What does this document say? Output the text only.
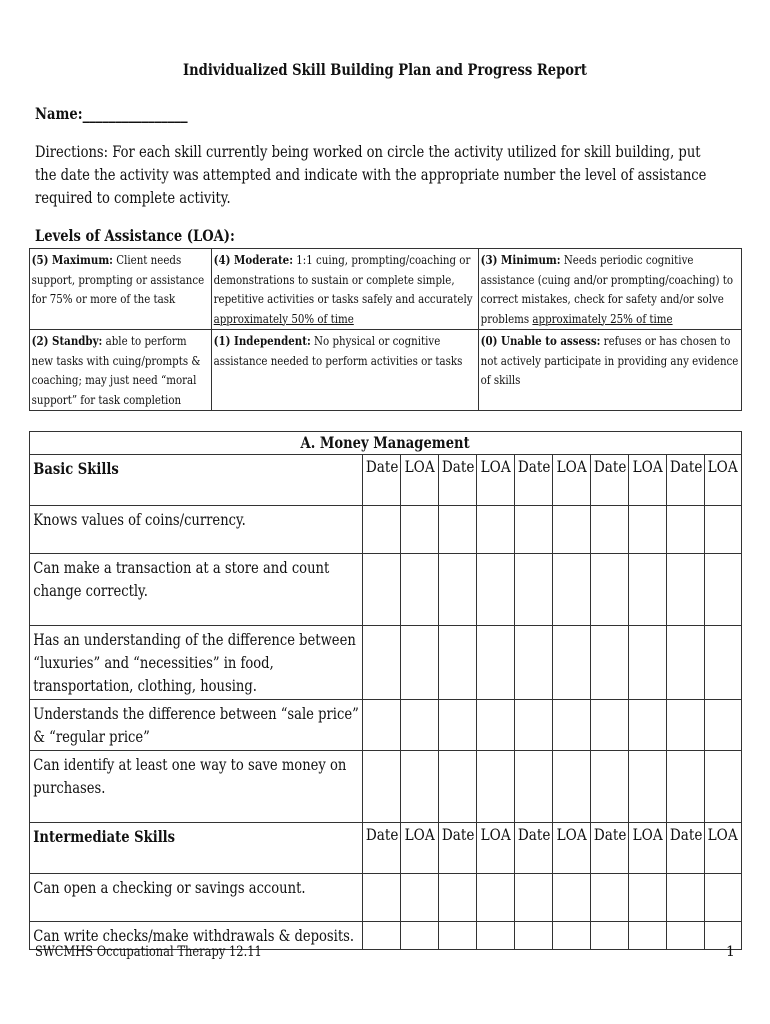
Individualized Skill Building Plan and Progress Report
Name:________________
Directions: For each skill currently being worked on circle the activity utilized for skill building, put the date the activity was attempted and indicate with the appropriate number the level of assistance required to complete activity.
Levels of Assistance (LOA):
(5) Maximum: Client needs support, prompting or assistance for 75% or more of the task	(4) Moderate: 1:1 cuing, prompting/coaching or demonstrations to sustain or complete simple, repetitive activities or tasks safely and accurately approximately 50% of time	(3) Minimum: Needs periodic cognitive assistance (cuing and/or prompting/coaching) to correct mistakes, check for safety and/or solve problems approximately 25% of time

(2) Standby: able to perform new tasks with cuing/prompts & coaching; may just need “moral support” for task completion	(1) Independent: No physical or cognitive assistance needed to perform activities or tasks	(0) Unable to assess: refuses or has chosen to not actively participate in providing any evidence of skills
A. Money Management										

Basic Skills	Date	LOA	Date	LOA	Date	LOA	Date	LOA	Date	LOA

Knows values of coins/currency.										

Can make a transaction at a store and count change correctly.										

Has an understanding of the difference between “luxuries” and “necessities” in food, transportation, clothing, housing.										

Understands the difference between “sale price” & “regular price”										

Can identify at least one way to save money on purchases.										

Intermediate Skills	Date	LOA	Date	LOA	Date	LOA	Date	LOA	Date	LOA

Can open a checking or savings account.										

Can write checks/make withdrawals & deposits.										

SWCMHS Occupational Therapy 12.11	1
